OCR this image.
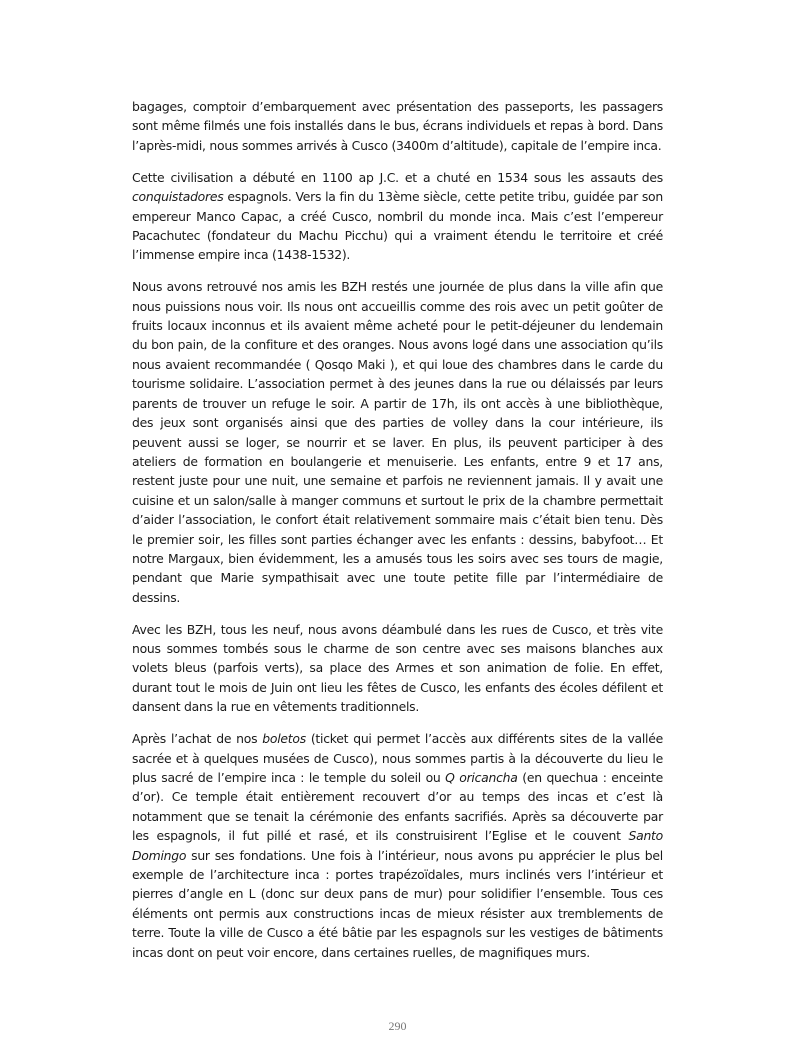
bagages, comptoir d’embarquement avec présentation des passeports, les passagers sont même filmés une fois installés dans le bus, écrans individuels et repas à bord. Dans l’après-midi, nous sommes arrivés à Cusco (3400m d’altitude), capitale de l’empire inca.

Cette civilisation a débuté en 1100 ap J.C. et a chuté en 1534 sous les assauts des conquistadores espagnols. Vers la fin du 13ème siècle, cette petite tribu, guidée par son empereur Manco Capac, a créé Cusco, nombril du monde inca. Mais c’est l’empereur Pacachutec (fondateur du Machu Picchu) qui a vraiment étendu le territoire et créé l’immense empire inca (1438-1532).

Nous avons retrouvé nos amis les BZH restés une journée de plus dans la ville afin que nous puissions nous voir. Ils nous ont accueillis comme des rois avec un petit goûter de fruits locaux inconnus et ils avaient même acheté pour le petit-déjeuner du lendemain du bon pain, de la confiture et des oranges. Nous avons logé dans une association qu’ils nous avaient recommandée ( Qosqo Maki ), et qui loue des chambres dans le carde du tourisme solidaire. L’association permet à des jeunes dans la rue ou délaissés par leurs parents de trouver un refuge le soir. A partir de 17h, ils ont accès à une bibliothèque, des jeux sont organisés ainsi que des parties de volley dans la cour intérieure, ils peuvent aussi se loger, se nourrir et se laver. En plus, ils peuvent participer à des ateliers de formation en boulangerie et menuiserie. Les enfants, entre 9 et 17 ans, restent juste pour une nuit, une semaine et parfois ne reviennent jamais. Il y avait une cuisine et un salon/salle à manger communs et surtout le prix de la chambre permettait d’aider l’association, le confort était relativement sommaire mais c’était bien tenu. Dès le premier soir, les filles sont parties échanger avec les enfants : dessins, babyfoot… Et notre Margaux, bien évidemment, les a amusés tous les soirs avec ses tours de magie, pendant que Marie sympathisait avec une toute petite fille par l’intermédiaire de dessins.

Avec les BZH, tous les neuf, nous avons déambulé dans les rues de Cusco, et très vite nous sommes tombés sous le charme de son centre avec ses maisons blanches aux volets bleus (parfois verts), sa place des Armes et son animation de folie. En effet, durant tout le mois de Juin ont lieu les fêtes de Cusco, les enfants des écoles défilent et dansent dans la rue en vêtements traditionnels.

Après l’achat de nos boletos (ticket qui permet l’accès aux différents sites de la vallée sacrée et à quelques musées de Cusco), nous sommes partis à la découverte du lieu le plus sacré de l’empire inca : le temple du soleil ou Q oricancha (en quechua : enceinte d’or). Ce temple était entièrement recouvert d’or au temps des incas et c’est là notamment que se tenait la cérémonie des enfants sacrifiés. Après sa découverte par les espagnols, il fut pillé et rasé, et ils construisirent l’Eglise et le couvent Santo Domingo sur ses fondations. Une fois à l’intérieur, nous avons pu apprécier le plus bel exemple de l’architecture inca : portes trapézoïdales, murs inclinés vers l’intérieur et pierres d’angle en L (donc sur deux pans de mur) pour solidifier l’ensemble. Tous ces éléments ont permis aux constructions incas de mieux résister aux tremblements de terre. Toute la ville de Cusco a été bâtie par les espagnols sur les vestiges de bâtiments incas dont on peut voir encore, dans certaines ruelles, de magnifiques murs.

290
